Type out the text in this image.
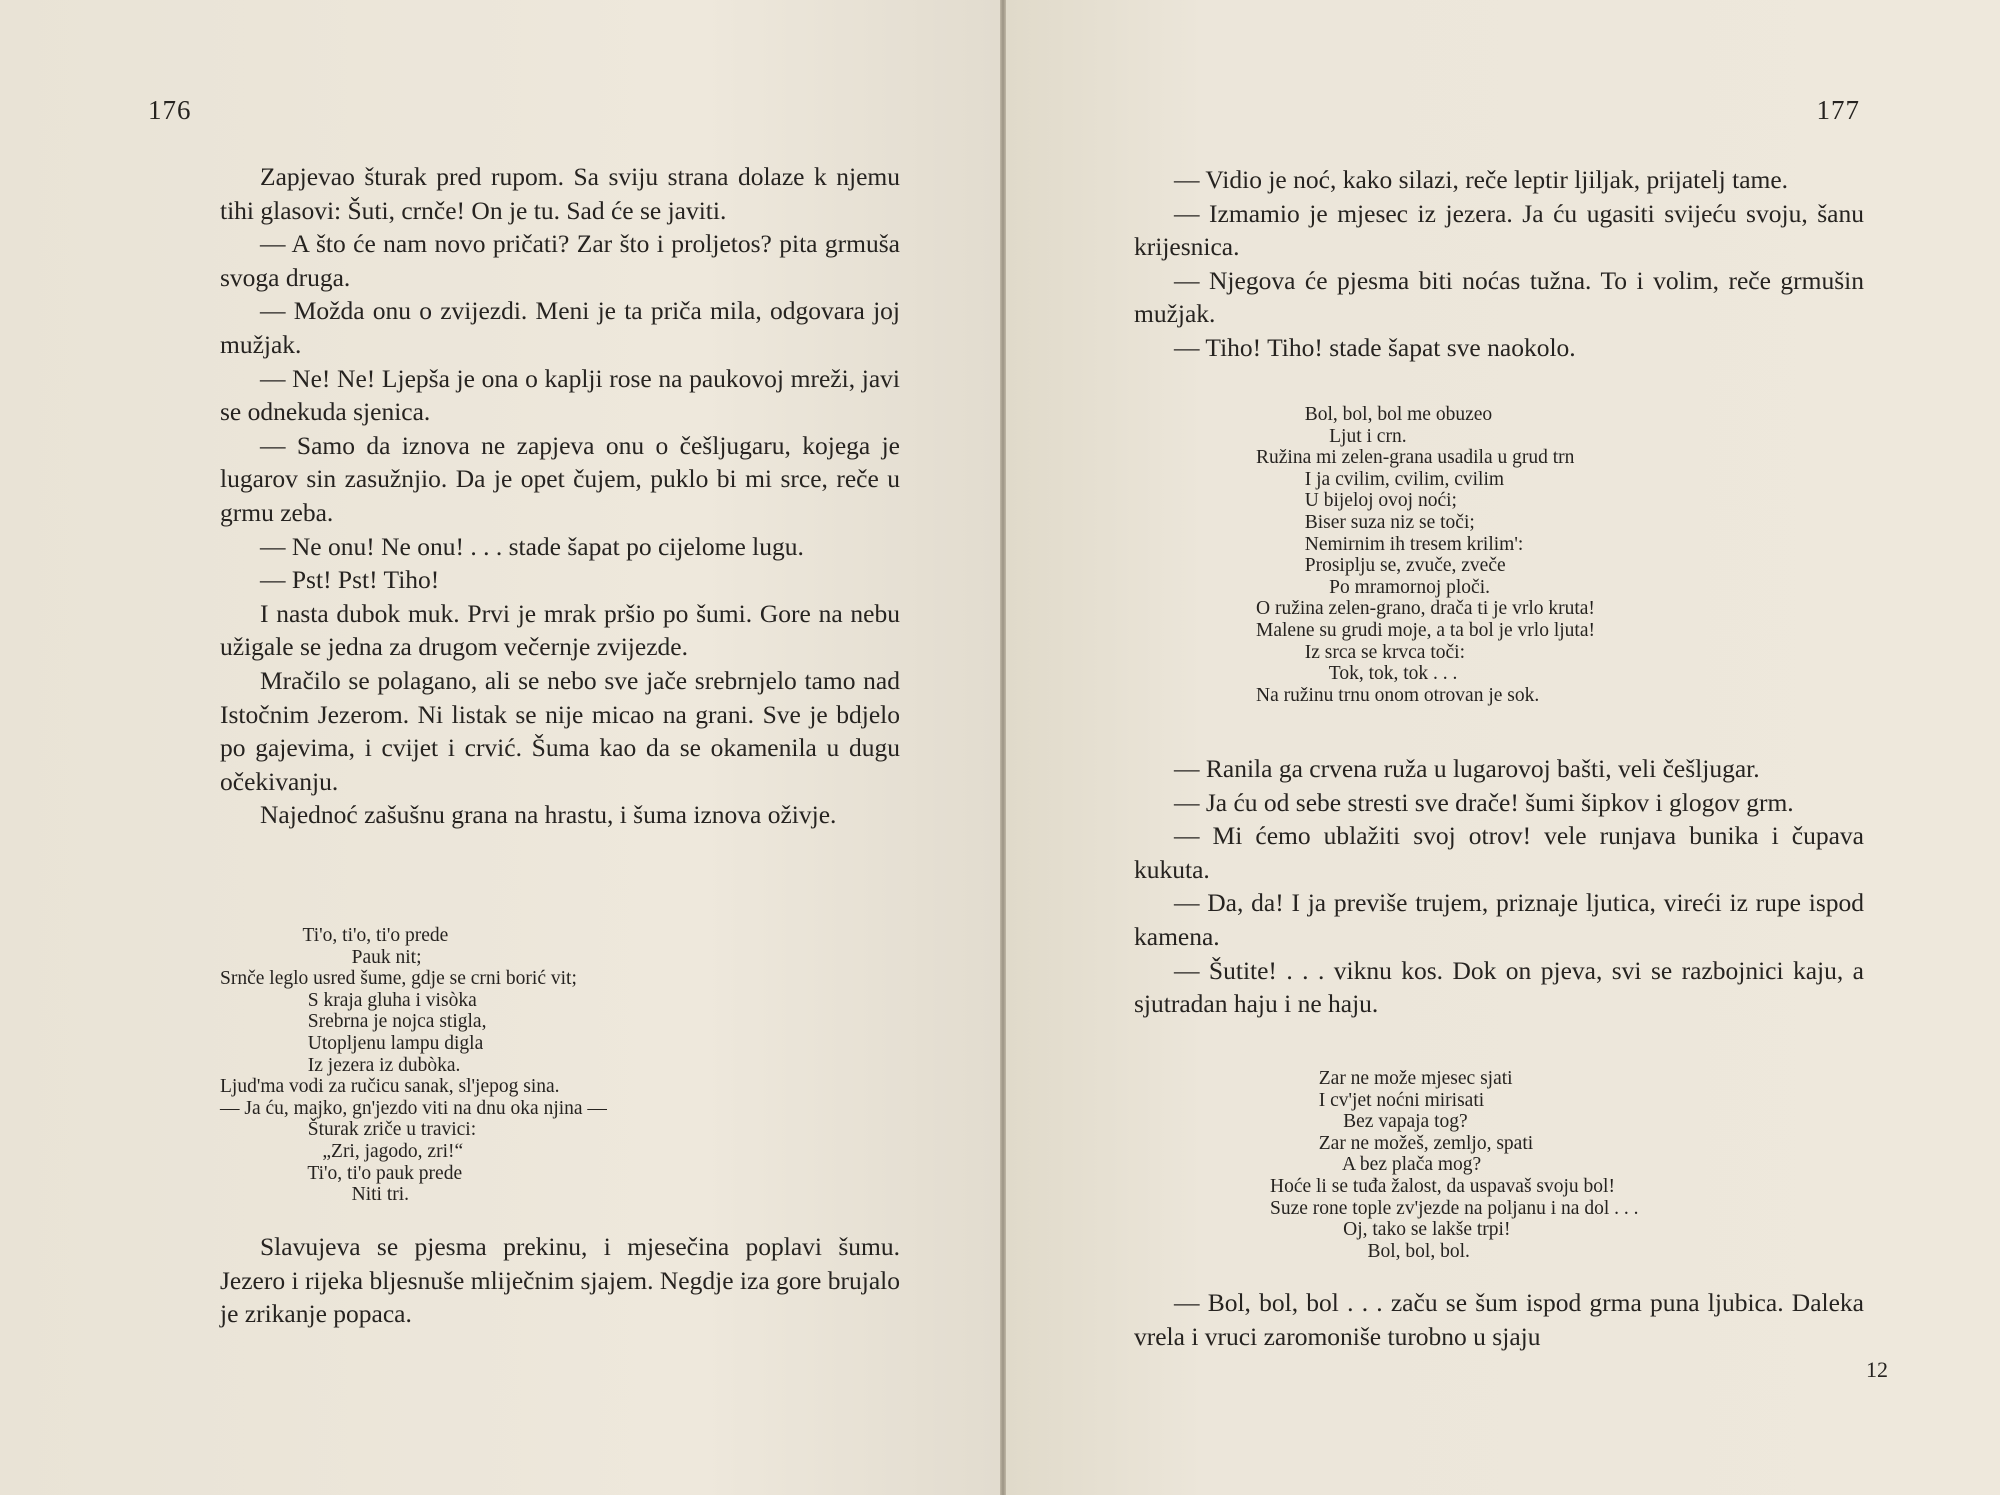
176

Zapjevao šturak pred rupom. Sa sviju strana dolaze k njemu tihi glasovi: Šuti, crnče! On je tu. Sad će se javiti.

— A što će nam novo pričati? Zar što i proljetos? pita grmuša svoga druga.

— Možda onu o zvijezdi. Meni je ta priča mila, odgovara joj mužjak.

— Ne! Ne! Ljepša je ona o kaplji rose na paukovoj mreži, javi se odnekuda sjenica.

— Samo da iznova ne zapjeva onu o češljugaru, kojega je lugarov sin zasužnjio. Da je opet čujem, puklo bi mi srce, reče u grmu zeba.

— Ne onu! Ne onu! . . . stade šapat po cijelome lugu.

— Pst! Pst! Tiho!

I nasta dubok muk. Prvi je mrak pršio po šumi. Gore na nebu užigale se jedna za drugom večernje zvijezde.

Mračilo se polagano, ali se nebo sve jače srebrnjelo tamo nad Istočnim Jezerom. Ni listak se nije micao na grani. Sve je bdjelo po gajevima, i cvijet i crvić. Šuma kao da se okamenila u dugu očekivanju.

Najednoć zašušnu grana na hrastu, i šuma iznova oživje.

Ti'o, ti'o, ti'o prede
Pauk nit;
Srnče leglo usred šume, gdje se crni borić vit;
S kraja gluha i visòka
Srebrna je nojca stigla,
Utopljenu lampu digla
Iz jezera iz dubòka.
Ljud'ma vodi za ručicu sanak, sl'jepog sina.
— Ja ću, majko, gn'jezdo viti na dnu oka njina —
Šturak zriče u travici:
„Zri, jagodo, zri!“
Ti'o, ti'o pauk prede
Niti tri.

Slavujeva se pjesma prekinu, i mjesečina poplavi šumu. Jezero i rijeka bljesnuše mliječnim sjajem. Negdje iza gore brujalo je zrikanje popaca.

177

— Vidio je noć, kako silazi, reče leptir ljiljak, prijatelj tame.

— Izmamio je mjesec iz jezera. Ja ću ugasiti svijeću svoju, šanu krijesnica.

— Njegova će pjesma biti noćas tužna. To i volim, reče grmušin mužjak.

— Tiho! Tiho! stade šapat sve naokolo.

Bol, bol, bol me obuzeo
Ljut i crn.
Ružina mi zelen-grana usadila u grud trn
I ja cvilim, cvilim, cvilim
U bijeloj ovoj noći;
Biser suza niz se toči;
Nemirnim ih tresem krilim':
Prosiplju se, zvuče, zveče
Po mramornoj ploči.
O ružina zelen-grano, drača ti je vrlo kruta!
Malene su grudi moje, a ta bol je vrlo ljuta!
Iz srca se krvca toči:
Tok, tok, tok . . .
Na ružinu trnu onom otrovan je sok.

— Ranila ga crvena ruža u lugarovoj bašti, veli češljugar.

— Ja ću od sebe stresti sve drače! šumi šipkov i glogov grm.

— Mi ćemo ublažiti svoj otrov! vele runjava bunika i čupava kukuta.

— Da, da! I ja previše trujem, priznaje ljutica, vireći iz rupe ispod kamena.

— Šutite! . . . viknu kos. Dok on pjeva, svi se razbojnici kaju, a sjutradan haju i ne haju.

Zar ne može mjesec sjati
I cv'jet noćni mirisati
Bez vapaja tog?
Zar ne možeš, zemljo, spati
A bez plača mog?
Hoće li se tuđa žalost, da uspavaš svoju bol!
Suze rone tople zv'jezde na poljanu i na dol . . .
Oj, tako se lakše trpi!
Bol, bol, bol.

— Bol, bol, bol . . . začu se šum ispod grma puna ljubica. Daleka vrela i vruci zaromoniše turobno u sjaju

12
